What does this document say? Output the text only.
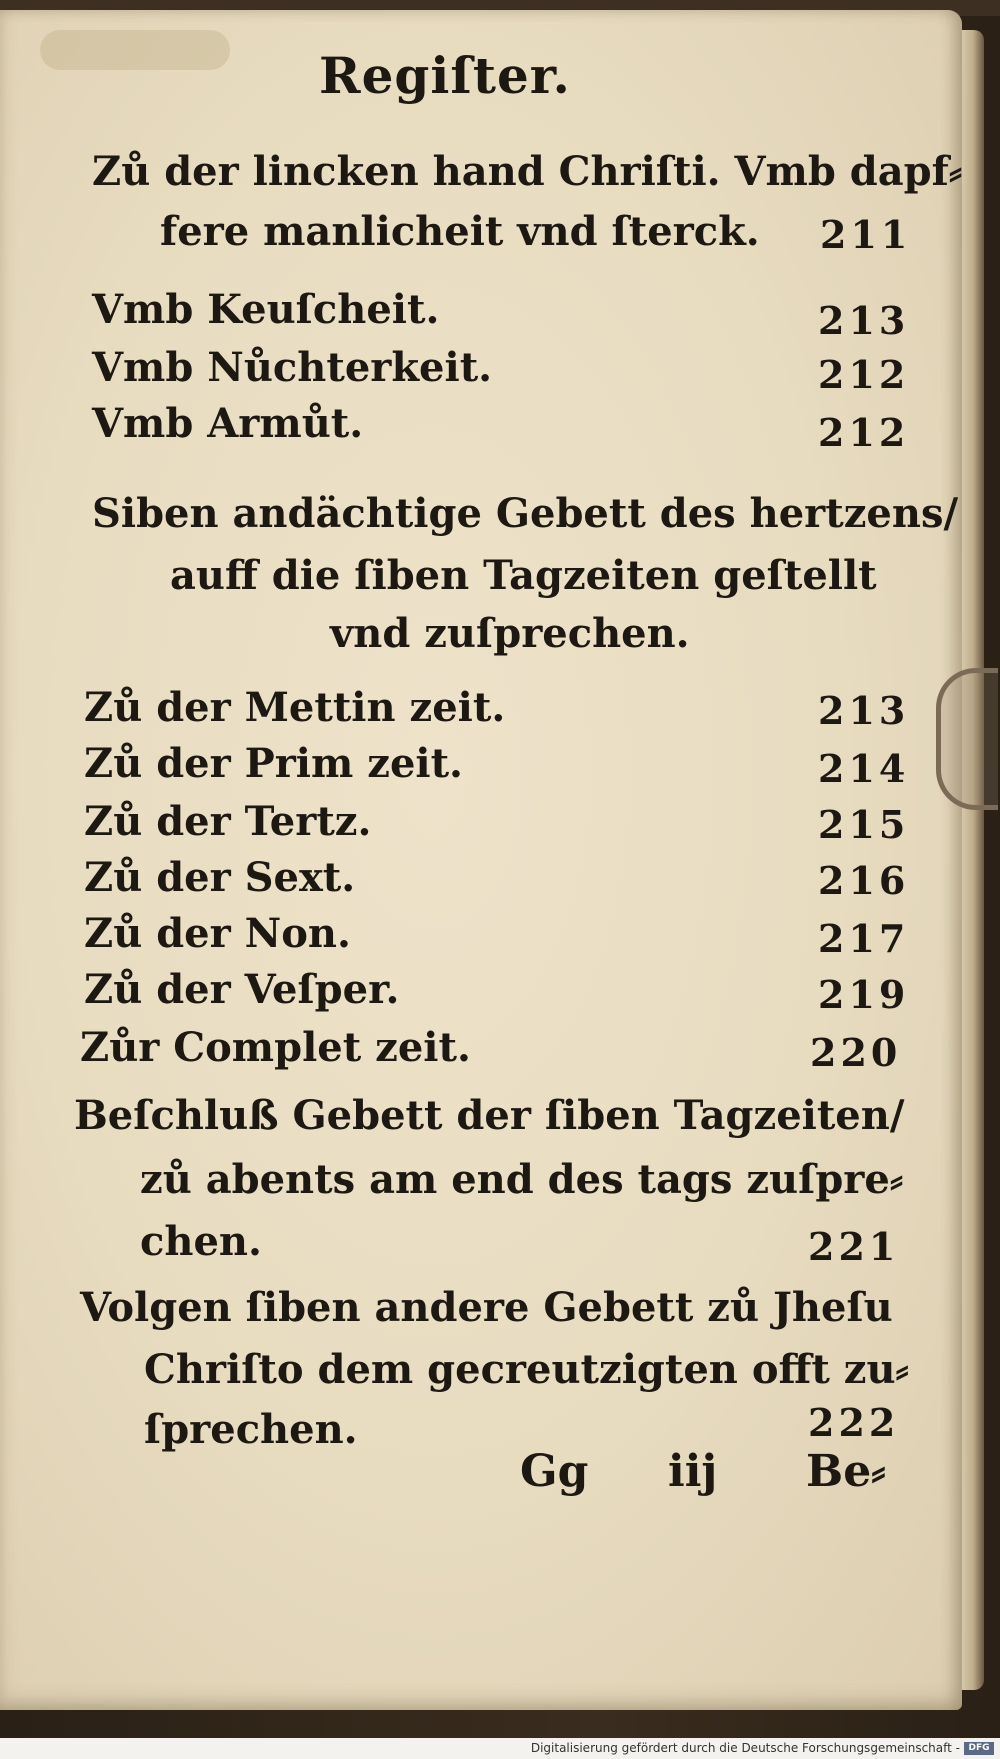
Regiſter.
Zů der lincken hand Chriſti. Vmb dapf⸗
fere manlicheit vnd ſterck. 211
Vmb Keuſcheit.	213
Vmb Nůchterkeit.	212
Vmb Armůt.	212
Siben andächtige Gebett des hertzens/
auff die ſiben Tagzeiten geſtellt
vnd zuſprechen.
Zů der Mettin zeit.	213
Zů der Prim zeit.	214
Zů der Tertz.	215
Zů der Sext.	216
Zů der Non.	217
Zů der Veſper.	219
Zůr Complet zeit.	220
Beſchluß Gebett der ſiben Tagzeiten/
zů abents am end des tags zuſpre⸗
chen.	221
Volgen ſiben andere Gebett zů Jheſu
Chriſto dem gecreutzigten offt zu⸗
ſprechen.	222
Gg iij Be⸗
Digitalisierung gefördert durch die Deutsche Forschungsgemeinschaft - DFG
